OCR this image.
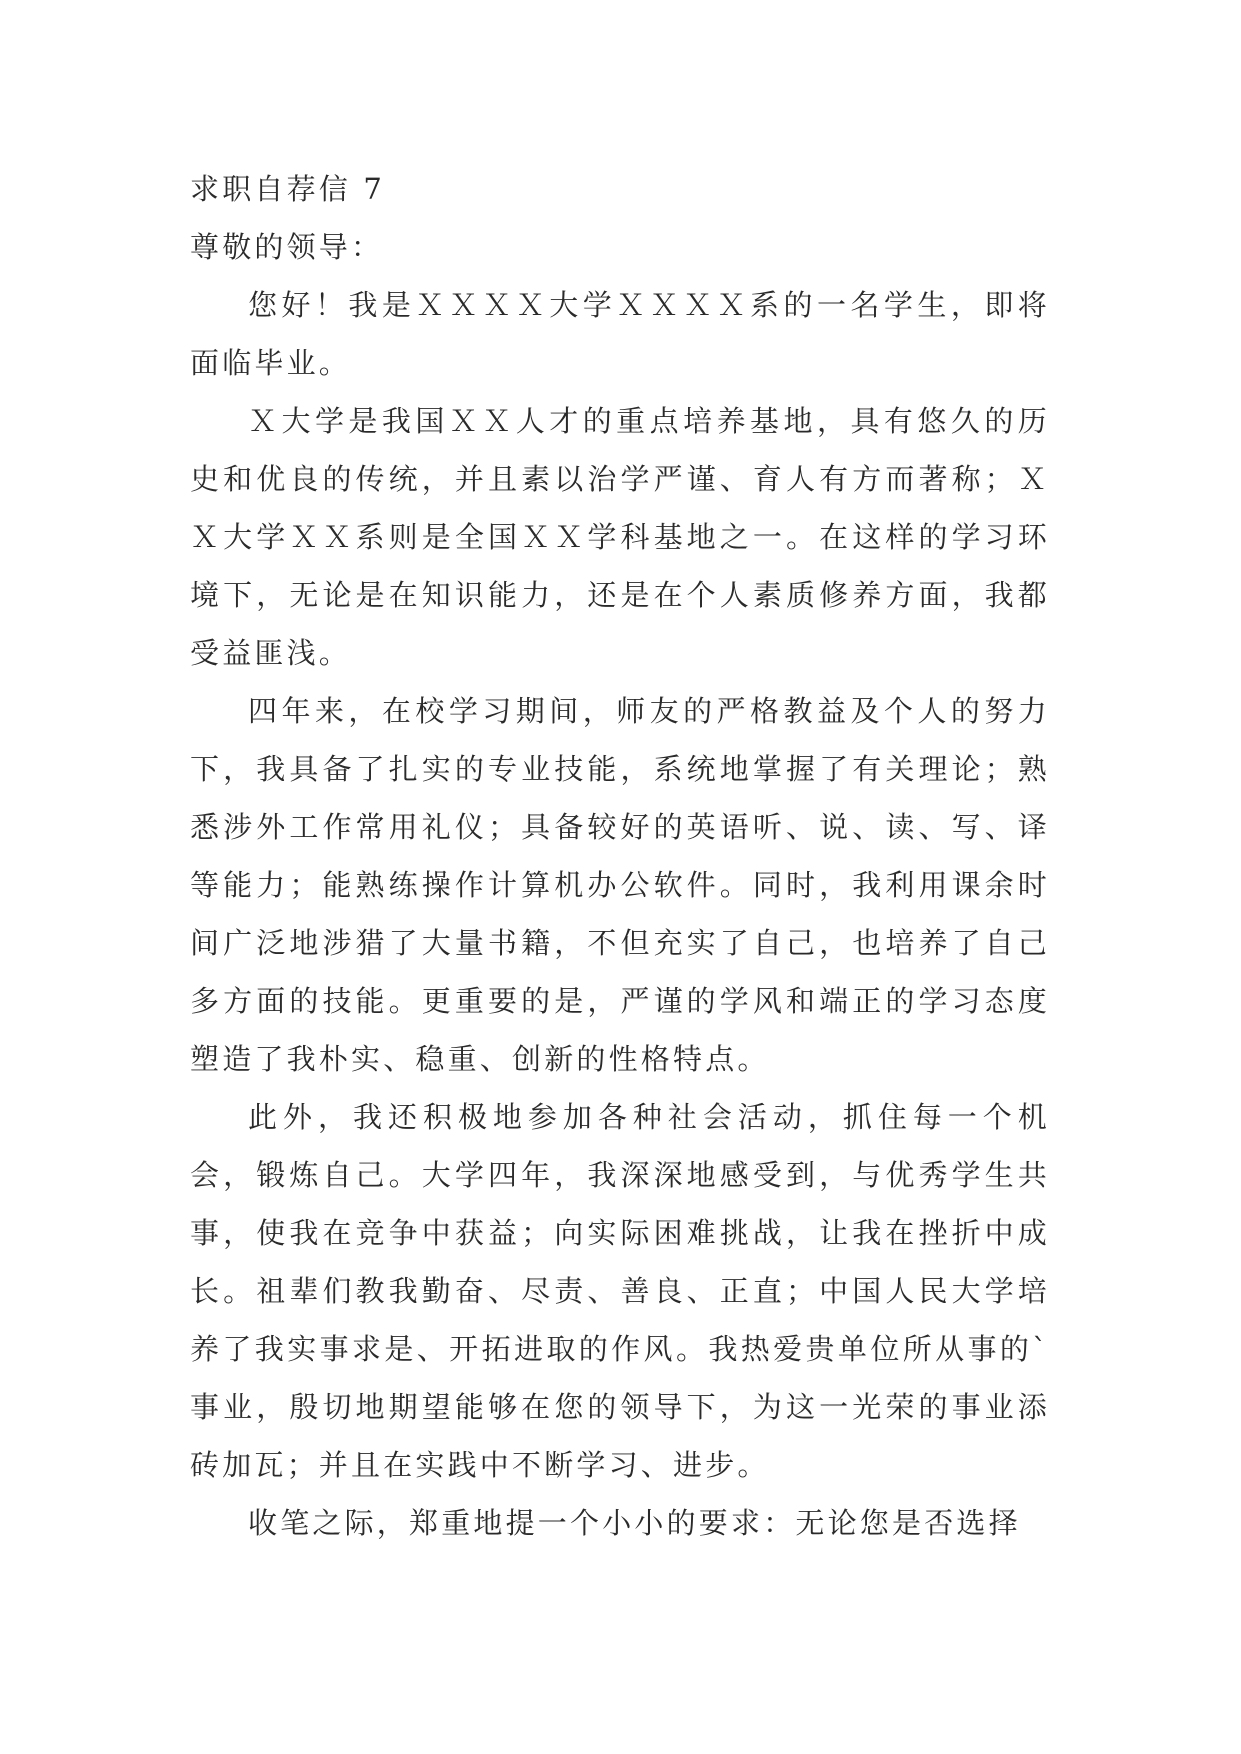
求职自荐信 7

尊敬的领导：

您好！我是ＸＸＸＸ大学ＸＸＸＸ系的一名学生，即将面临毕业。

Ｘ大学是我国ＸＸ人才的重点培养基地，具有悠久的历史和优良的传统，并且素以治学严谨、育人有方而著称；ＸＸ大学ＸＸ系则是全国ＸＸ学科基地之一。在这样的学习环境下，无论是在知识能力，还是在个人素质修养方面，我都受益匪浅。

四年来，在校学习期间，师友的严格教益及个人的努力下，我具备了扎实的专业技能，系统地掌握了有关理论；熟悉涉外工作常用礼仪；具备较好的英语听、说、读、写、译等能力；能熟练操作计算机办公软件。同时，我利用课余时间广泛地涉猎了大量书籍，不但充实了自己，也培养了自己多方面的技能。更重要的是，严谨的学风和端正的学习态度塑造了我朴实、稳重、创新的性格特点。

此外，我还积极地参加各种社会活动，抓住每一个机会，锻炼自己。大学四年，我深深地感受到，与优秀学生共事，使我在竞争中获益；向实际困难挑战，让我在挫折中成长。祖辈们教我勤奋、尽责、善良、正直；中国人民大学培养了我实事求是、开拓进取的作风。我热爱贵单位所从事的`事业，殷切地期望能够在您的领导下，为这一光荣的事业添砖加瓦；并且在实践中不断学习、进步。

收笔之际，郑重地提一个小小的要求：无论您是否选择
